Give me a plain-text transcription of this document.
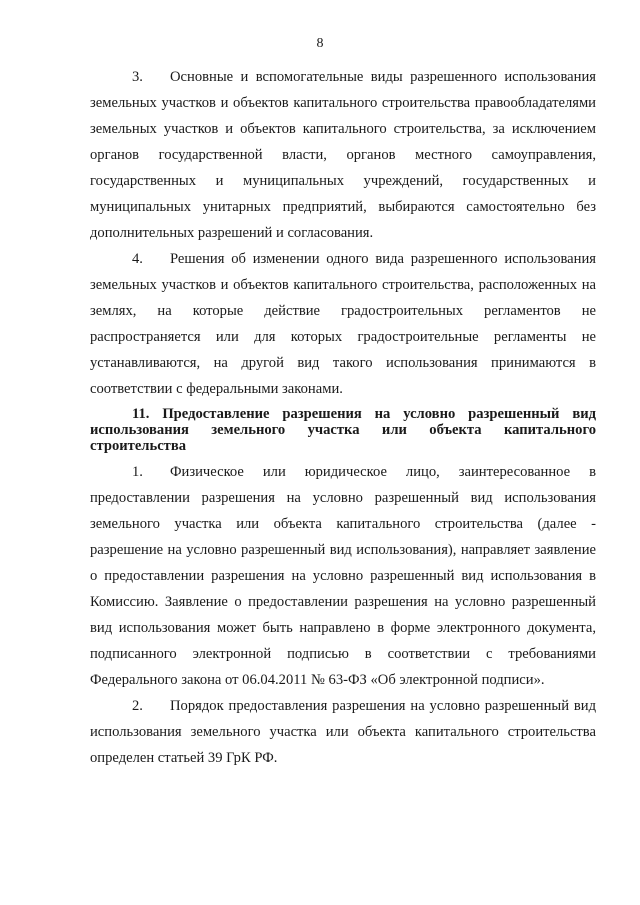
8

3. Основные и вспомогательные виды разрешенного использования земельных участков и объектов капитального строительства правообладателями земельных участков и объектов капитального строительства, за исключением органов государственной власти, органов местного самоуправления, государственных и муниципальных учреждений, государственных и муниципальных унитарных предприятий, выбираются самостоятельно без дополнительных разрешений и согласования.

4. Решения об изменении одного вида разрешенного использования земельных участков и объектов капитального строительства, расположенных на землях, на которые действие градостроительных регламентов не распространяется или для которых градостроительные регламенты не устанавливаются, на другой вид такого использования принимаются в соответствии с федеральными законами.

11. Предоставление разрешения на условно разрешенный вид использования земельного участка или объекта капитального строительства

1. Физическое или юридическое лицо, заинтересованное в предоставлении разрешения на условно разрешенный вид использования земельного участка или объекта капитального строительства (далее - разрешение на условно разрешенный вид использования), направляет заявление о предоставлении разрешения на условно разрешенный вид использования в Комиссию. Заявление о предоставлении разрешения на условно разрешенный вид использования может быть направлено в форме электронного документа, подписанного электронной подписью в соответствии с требованиями Федерального закона от 06.04.2011 № 63-ФЗ «Об электронной подписи».

2. Порядок предоставления разрешения на условно разрешенный вид использования земельного участка или объекта капитального строительства определен статьей 39 ГрК РФ.
